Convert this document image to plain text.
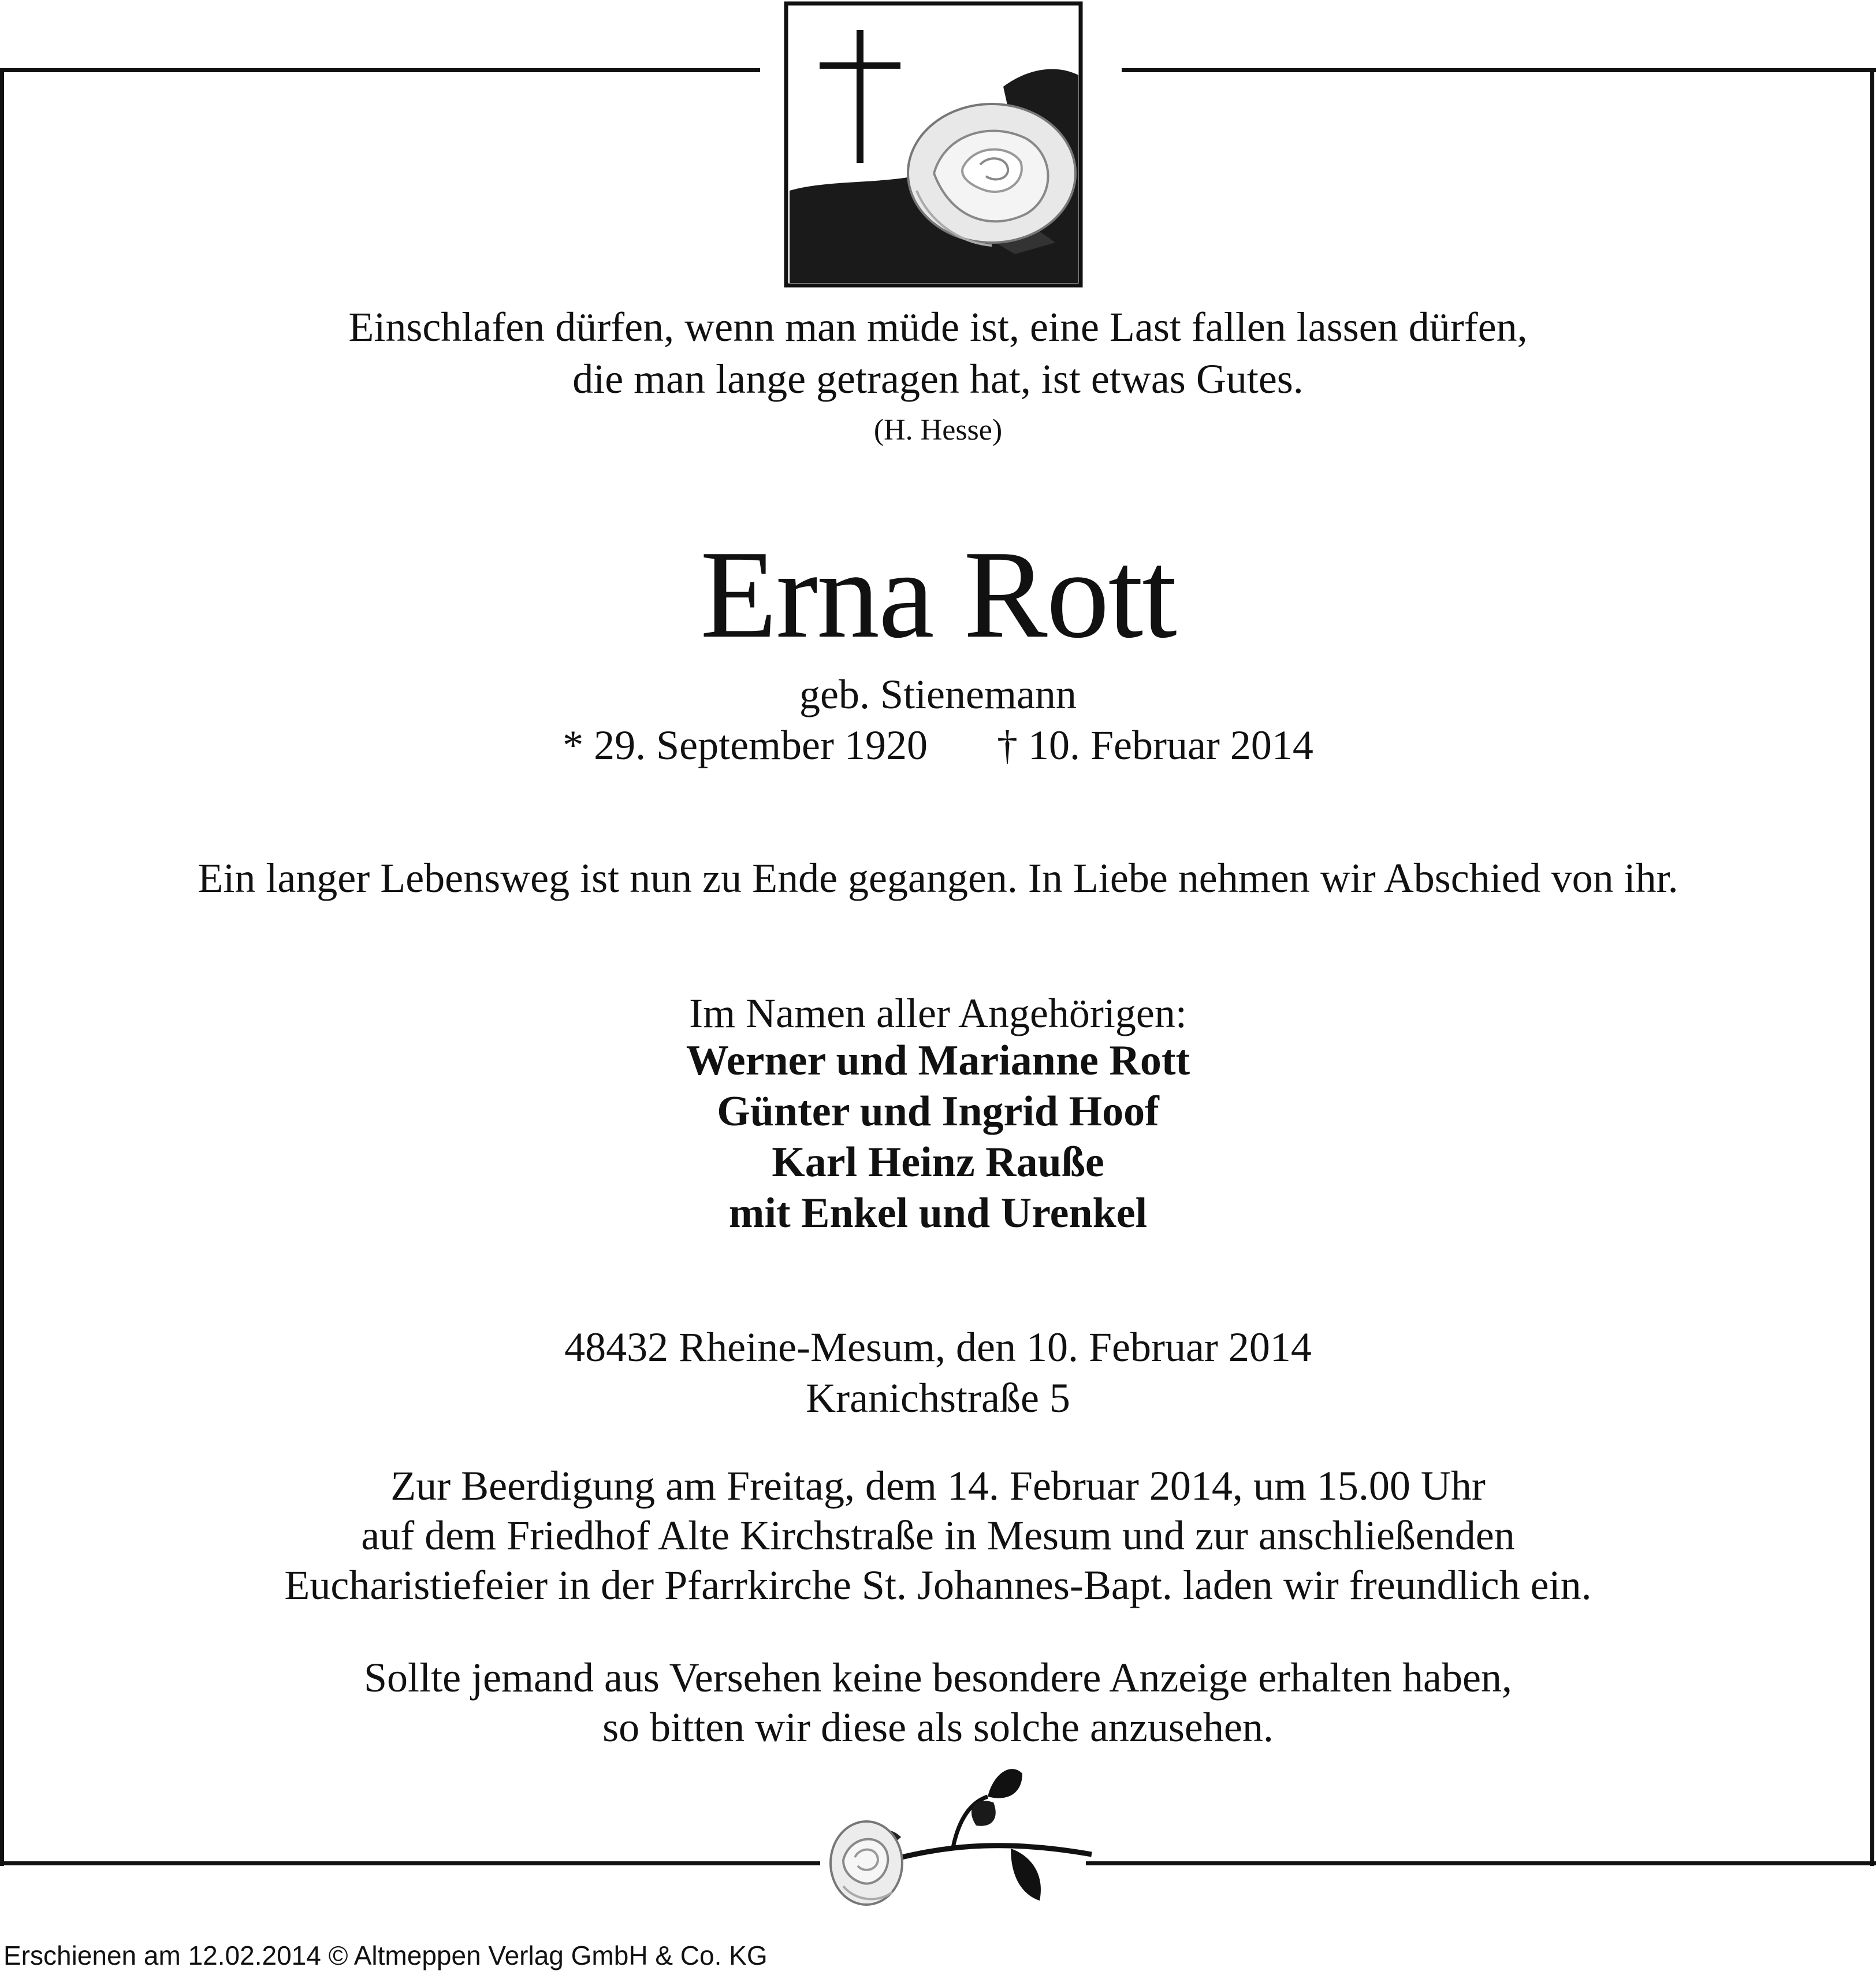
Einschlafen dürfen, wenn man müde ist, eine Last fallen lassen dürfen,
die man lange getragen hat, ist etwas Gutes.
(H. Hesse)
Erna Rott
geb. Stienemann
* 29. September 1920 † 10. Februar 2014
Ein langer Lebensweg ist nun zu Ende gegangen. In Liebe nehmen wir Abschied von ihr.
Im Namen aller Angehörigen:
Werner und Marianne Rott
Günter und Ingrid Hoof
Karl Heinz Rauße
mit Enkel und Urenkel
48432 Rheine-Mesum, den 10. Februar 2014
Kranichstraße 5
Zur Beerdigung am Freitag, dem 14. Februar 2014, um 15.00 Uhr
auf dem Friedhof Alte Kirchstraße in Mesum und zur anschließenden
Eucharistiefeier in der Pfarrkirche St. Johannes-Bapt. laden wir freundlich ein.
Sollte jemand aus Versehen keine besondere Anzeige erhalten haben,
so bitten wir diese als solche anzusehen.
Erschienen am 12.02.2014 © Altmeppen Verlag GmbH & Co. KG
